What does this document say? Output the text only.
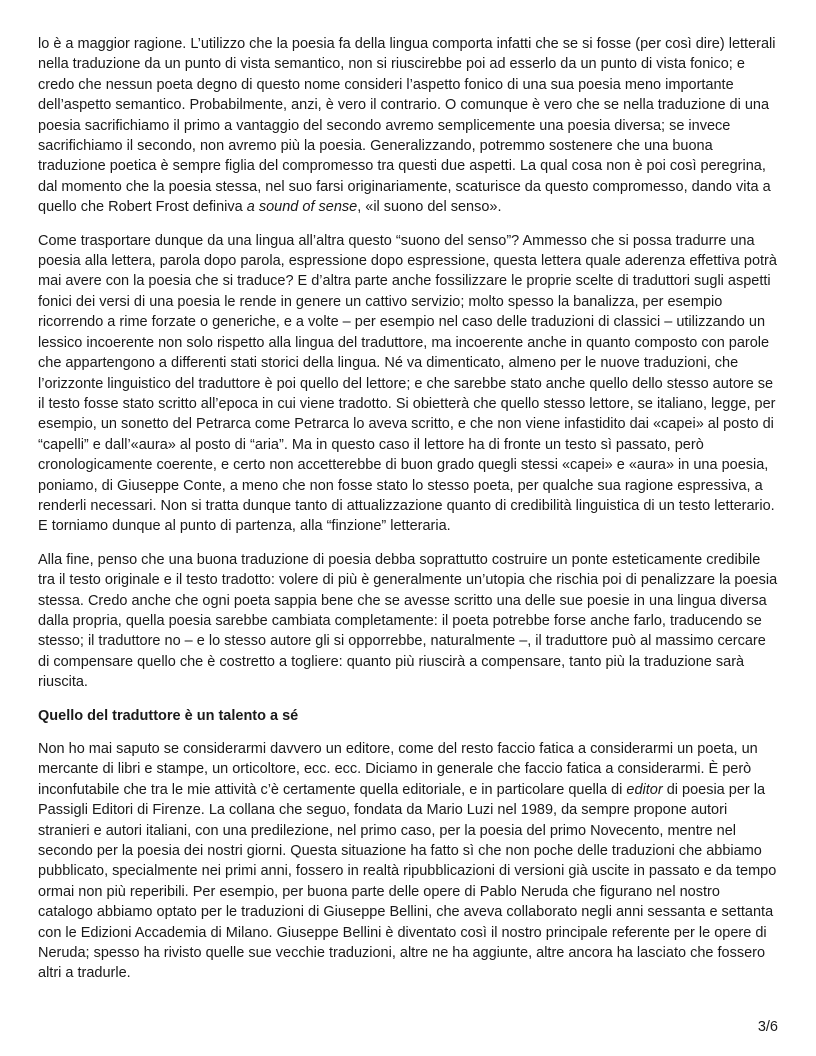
lo è a maggior ragione. L’utilizzo che la poesia fa della lingua comporta infatti che se si fosse (per così dire) letterali nella traduzione da un punto di vista semantico, non si riuscirebbe poi ad esserlo da un punto di vista fonico; e credo che nessun poeta degno di questo nome consideri l’aspetto fonico di una sua poesia meno importante dell’aspetto semantico. Probabilmente, anzi, è vero il contrario. O comunque è vero che se nella traduzione di una poesia sacrifichiamo il primo a vantaggio del secondo avremo semplicemente una poesia diversa; se invece sacrifichiamo il secondo, non avremo più la poesia. Generalizzando, potremmo sostenere che una buona traduzione poetica è sempre figlia del compromesso tra questi due aspetti. La qual cosa non è poi così peregrina, dal momento che la poesia stessa, nel suo farsi originariamente, scaturisce da questo compromesso, dando vita a quello che Robert Frost definiva a sound of sense, «il suono del senso».

Come trasportare dunque da una lingua all’altra questo “suono del senso”? Ammesso che si possa tradurre una poesia alla lettera, parola dopo parola, espressione dopo espressione, questa lettera quale aderenza effettiva potrà mai avere con la poesia che si traduce? E d’altra parte anche fossilizzare le proprie scelte di traduttori sugli aspetti fonici dei versi di una poesia le rende in genere un cattivo servizio; molto spesso la banalizza, per esempio ricorrendo a rime forzate o generiche, e a volte – per esempio nel caso delle traduzioni di classici – utilizzando un lessico incoerente non solo rispetto alla lingua del traduttore, ma incoerente anche in quanto composto con parole che appartengono a differenti stati storici della lingua. Né va dimenticato, almeno per le nuove traduzioni, che l’orizzonte linguistico del traduttore è poi quello del lettore; e che sarebbe stato anche quello dello stesso autore se il testo fosse stato scritto all’epoca in cui viene tradotto. Si obietterà che quello stesso lettore, se italiano, legge, per esempio, un sonetto del Petrarca come Petrarca lo aveva scritto, e che non viene infastidito dai «capei» al posto di “capelli” e dall’«aura» al posto di “aria”. Ma in questo caso il lettore ha di fronte un testo sì passato, però cronologicamente coerente, e certo non accetterebbe di buon grado quegli stessi «capei» e «aura» in una poesia, poniamo, di Giuseppe Conte, a meno che non fosse stato lo stesso poeta, per qualche sua ragione espressiva, a renderli necessari. Non si tratta dunque tanto di attualizzazione quanto di credibilità linguistica di un testo letterario. E torniamo dunque al punto di partenza, alla “finzione” letteraria.

Alla fine, penso che una buona traduzione di poesia debba soprattutto costruire un ponte esteticamente credibile tra il testo originale e il testo tradotto: volere di più è generalmente un’utopia che rischia poi di penalizzare la poesia stessa. Credo anche che ogni poeta sappia bene che se avesse scritto una delle sue poesie in una lingua diversa dalla propria, quella poesia sarebbe cambiata completamente: il poeta potrebbe forse anche farlo, traducendo se stesso; il traduttore no – e lo stesso autore gli si opporrebbe, naturalmente –, il traduttore può al massimo cercare di compensare quello che è costretto a togliere: quanto più riuscirà a compensare, tanto più la traduzione sarà riuscita.

Quello del traduttore è un talento a sé

Non ho mai saputo se considerarmi davvero un editore, come del resto faccio fatica a considerarmi un poeta, un mercante di libri e stampe, un orticoltore, ecc. ecc. Diciamo in generale che faccio fatica a considerarmi. È però inconfutabile che tra le mie attività c’è certamente quella editoriale, e in particolare quella di editor di poesia per la Passigli Editori di Firenze. La collana che seguo, fondata da Mario Luzi nel 1989, da sempre propone autori stranieri e autori italiani, con una predilezione, nel primo caso, per la poesia del primo Novecento, mentre nel secondo per la poesia dei nostri giorni. Questa situazione ha fatto sì che non poche delle traduzioni che abbiamo pubblicato, specialmente nei primi anni, fossero in realtà ripubblicazioni di versioni già uscite in passato e da tempo ormai non più reperibili. Per esempio, per buona parte delle opere di Pablo Neruda che figurano nel nostro catalogo abbiamo optato per le traduzioni di Giuseppe Bellini, che aveva collaborato negli anni sessanta e settanta con le Edizioni Accademia di Milano. Giuseppe Bellini è diventato così il nostro principale referente per le opere di Neruda; spesso ha rivisto quelle sue vecchie traduzioni, altre ne ha aggiunte, altre ancora ha lasciato che fossero altri a tradurle.

3/6
